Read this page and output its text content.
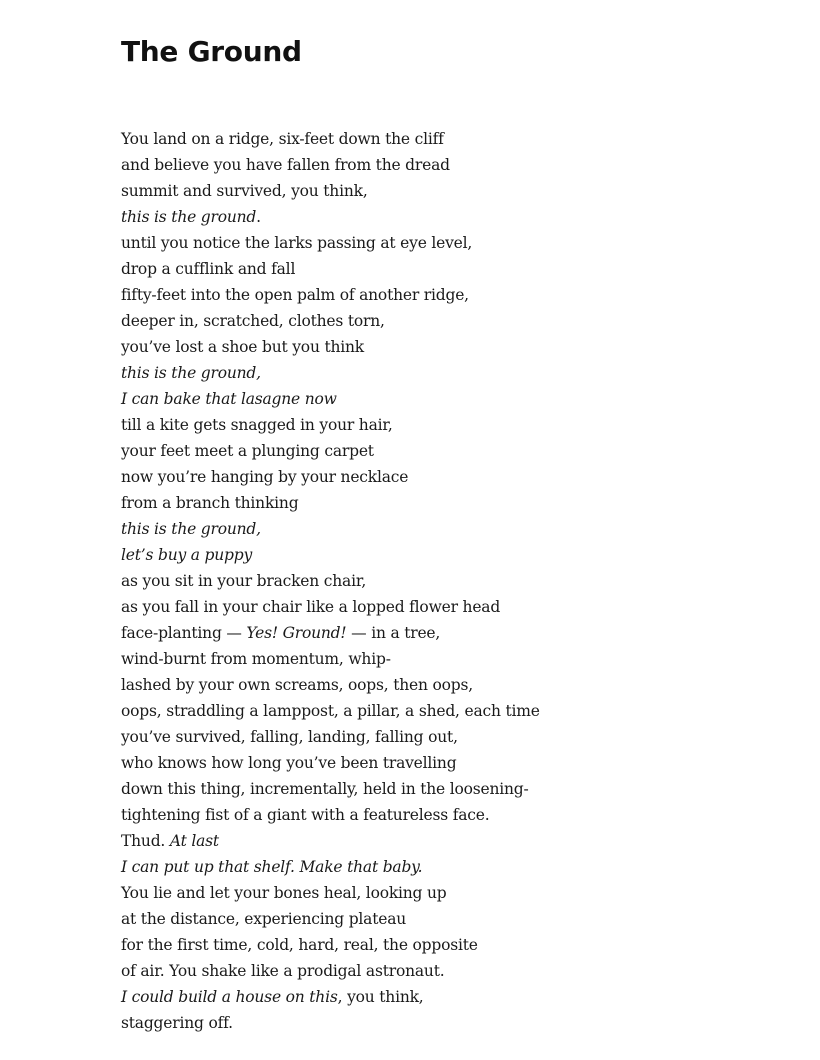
The Ground
You land on a ridge, six-feet down the cliff
and believe you have fallen from the dread
summit and survived, you think,
this is the ground.
until you notice the larks passing at eye level,
drop a cufflink and fall
fifty-feet into the open palm of another ridge,
deeper in, scratched, clothes torn,
you’ve lost a shoe but you think
this is the ground,
I can bake that lasagne now
till a kite gets snagged in your hair,
your feet meet a plunging carpet
now you’re hanging by your necklace
from a branch thinking
this is the ground,
let’s buy a puppy
as you sit in your bracken chair,
as you fall in your chair like a lopped flower head
face-planting — Yes! Ground! — in a tree,
wind-burnt from momentum, whip-
lashed by your own screams, oops, then oops,
oops, straddling a lamppost, a pillar, a shed, each time
you’ve survived, falling, landing, falling out,
who knows how long you’ve been travelling
down this thing, incrementally, held in the loosening-
tightening fist of a giant with a featureless face.
Thud. At last
I can put up that shelf. Make that baby.
You lie and let your bones heal, looking up
at the distance, experiencing plateau
for the first time, cold, hard, real, the opposite
of air. You shake like a prodigal astronaut.
I could build a house on this, you think,
staggering off.
